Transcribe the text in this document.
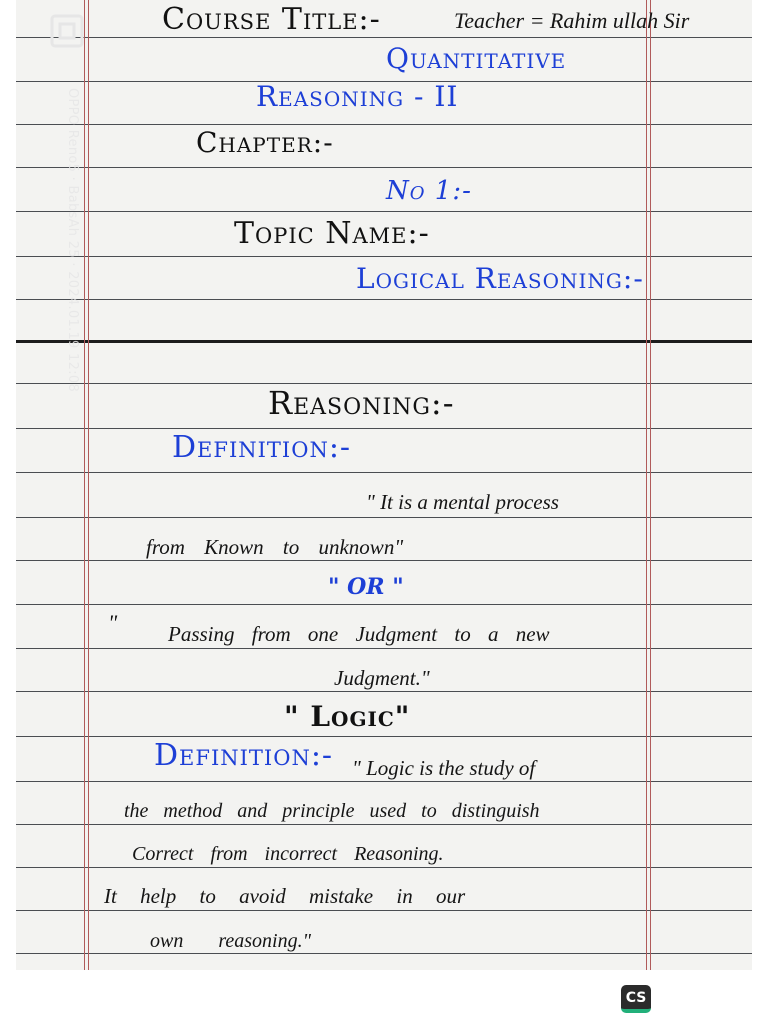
Course Title:-	Teacher = Rahim ullah Sir
Quantitative
Reasoning - II
Chapter:-
No 1:-
Topic Name:-
Logical Reasoning:-
Reasoning:-
Definition:-
" It is a mental process
from Known to unknown"
" OR "
" Passing from one Judgment to a new
Judgment."
" Logic"
Definition:- " Logic is the study of
the method and principle used to distinguish
Correct from incorrect Reasoning.
It help to avoid mistake in our
own reasoning."
OPPO Reno5 · BabsAh 25 · 2024.01.19 12:08
CS
